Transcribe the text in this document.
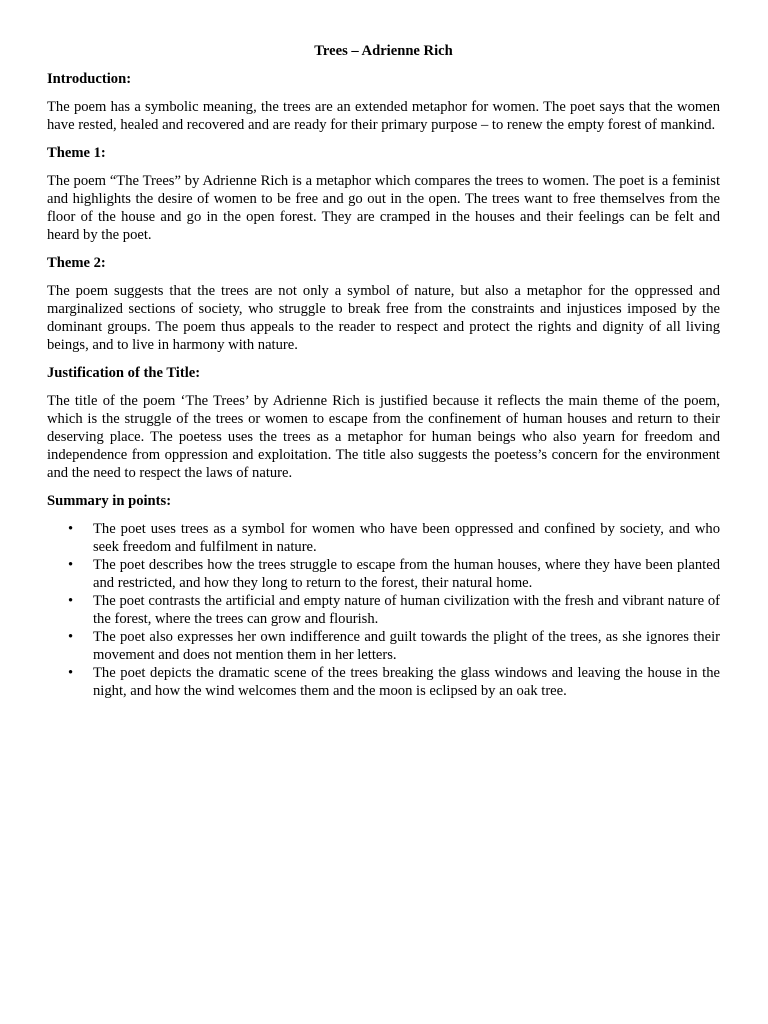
Trees – Adrienne Rich
Introduction:
The poem has a symbolic meaning, the trees are an extended metaphor for women. The poet says that the women have rested, healed and recovered and are ready for their primary purpose – to renew the empty forest of mankind.
Theme 1:
The poem “The Trees” by Adrienne Rich is a metaphor which compares the trees to women. The poet is a feminist and highlights the desire of women to be free and go out in the open. The trees want to free themselves from the floor of the house and go in the open forest. They are cramped in the houses and their feelings can be felt and heard by the poet.
Theme 2:
The poem suggests that the trees are not only a symbol of nature, but also a metaphor for the oppressed and marginalized sections of society, who struggle to break free from the constraints and injustices imposed by the dominant groups. The poem thus appeals to the reader to respect and protect the rights and dignity of all living beings, and to live in harmony with nature.
Justification of the Title:
The title of the poem ‘The Trees’ by Adrienne Rich is justified because it reflects the main theme of the poem, which is the struggle of the trees or women to escape from the confinement of human houses and return to their deserving place. The poetess uses the trees as a metaphor for human beings who also yearn for freedom and independence from oppression and exploitation. The title also suggests the poetess’s concern for the environment and the need to respect the laws of nature.
Summary in points:
• The poet uses trees as a symbol for women who have been oppressed and confined by society, and who seek freedom and fulfilment in nature.
• The poet describes how the trees struggle to escape from the human houses, where they have been planted and restricted, and how they long to return to the forest, their natural home.
• The poet contrasts the artificial and empty nature of human civilization with the fresh and vibrant nature of the forest, where the trees can grow and flourish.
• The poet also expresses her own indifference and guilt towards the plight of the trees, as she ignores their movement and does not mention them in her letters.
• The poet depicts the dramatic scene of the trees breaking the glass windows and leaving the house in the night, and how the wind welcomes them and the moon is eclipsed by an oak tree.
